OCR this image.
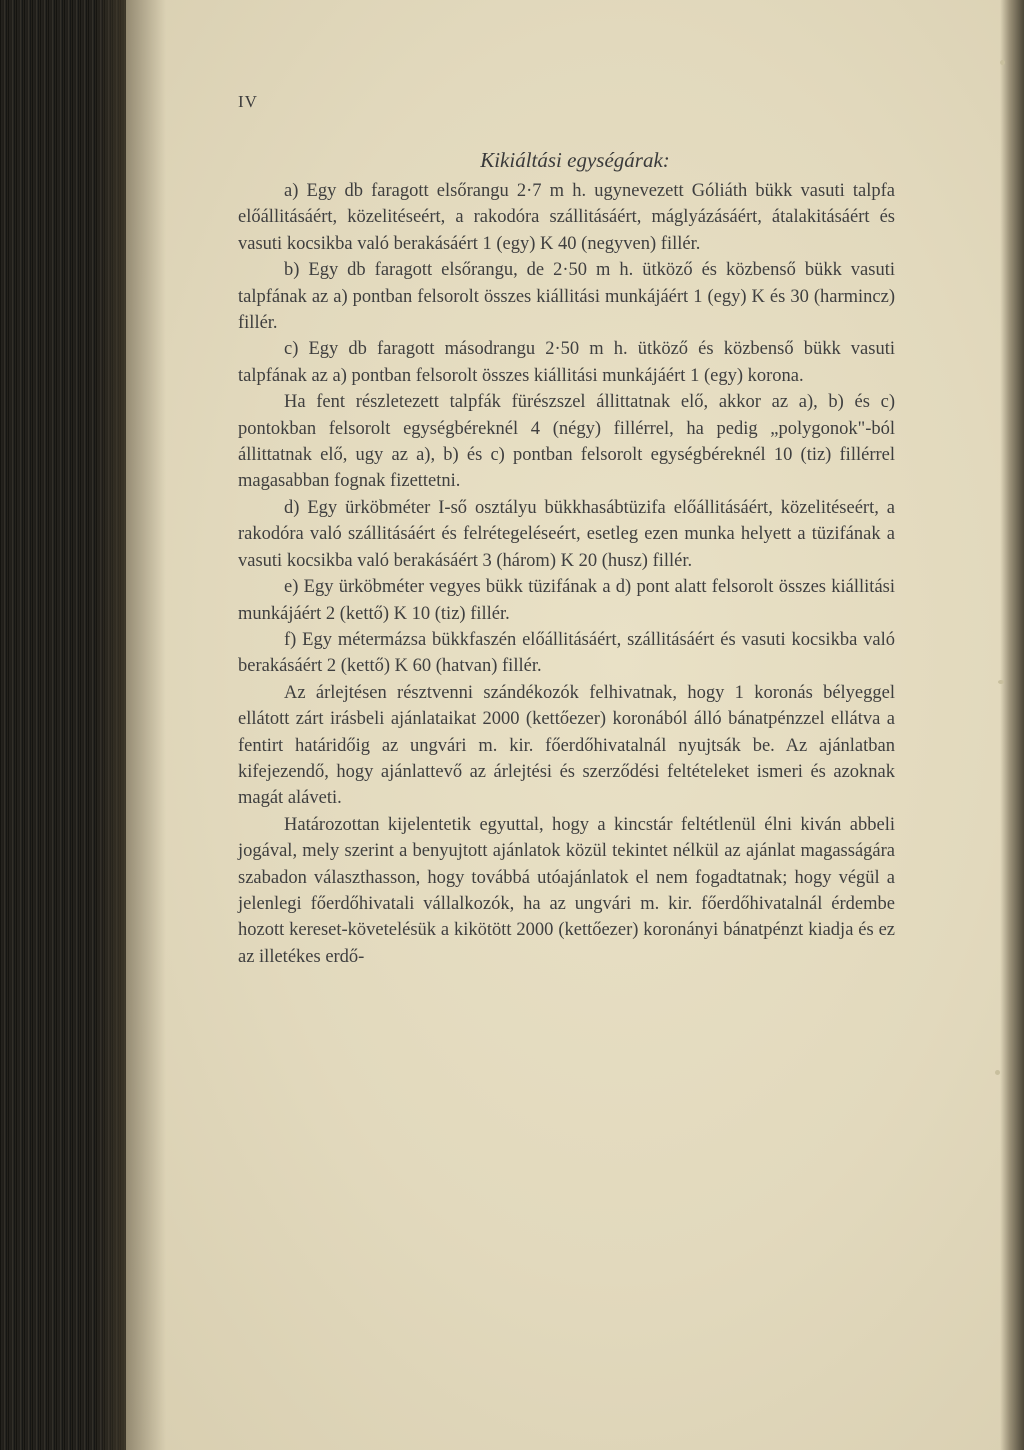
IV
Kikiáltási egységárak:

a) Egy db faragott elsőrangu 2·7 m h. ugynevezett Góliáth bükk vasuti talpfa előállitásáért, közelitéseért, a rakodóra szállitásáért, máglyázásáért, átalakitásáért és vasuti kocsikba való berakásáért 1 (egy) K 40 (negyven) fillér.

b) Egy db faragott elsőrangu, de 2·50 m h. ütköző és közbenső bükk vasuti talpfának az a) pontban felsorolt összes kiállitási munkájáért 1 (egy) K és 30 (harmincz) fillér.

c) Egy db faragott másodrangu 2·50 m h. ütköző és közbenső bükk vasuti talpfának az a) pontban felsorolt összes kiállitási munkájáért 1 (egy) korona.

Ha fent részletezett talpfák fürészszel állittatnak elő, akkor az a), b) és c) pontokban felsorolt egységbéreknél 4 (négy) fillérrel, ha pedig „polygonok"-ból állittatnak elő, ugy az a), b) és c) pontban felsorolt egységbéreknél 10 (tiz) fillérrel magasabban fognak fizettetni.

d) Egy ürköbméter I-ső osztályu bükkhasábtüzifa előállitásáért, közelitéseért, a rakodóra való szállitásáért és felrétegeléseért, esetleg ezen munka helyett a tüzifának a vasuti kocsikba való berakásáért 3 (három) K 20 (husz) fillér.

e) Egy ürköbméter vegyes bükk tüzifának a d) pont alatt felsorolt összes kiállitási munkájáért 2 (kettő) K 10 (tiz) fillér.

f) Egy métermázsa bükkfaszén előállitásáért, szállitásáért és vasuti kocsikba való berakásáért 2 (kettő) K 60 (hatvan) fillér.

Az árlejtésen résztvenni szándékozók felhivatnak, hogy 1 koronás bélyeggel ellátott zárt irásbeli ajánlataikat 2000 (kettőezer) koronából álló bánatpénzzel ellátva a fentirt határidőig az ungvári m. kir. főerdőhivatalnál nyujtsák be. Az ajánlatban kifejezendő, hogy ajánlattevő az árlejtési és szerződési feltételeket ismeri és azoknak magát aláveti.

Határozottan kijelentetik egyuttal, hogy a kincstár feltétlenül élni kiván abbeli jogával, mely szerint a benyujtott ajánlatok közül tekintet nélkül az ajánlat magasságára szabadon választhasson, hogy továbbá utóajánlatok el nem fogadtatnak; hogy végül a jelenlegi főerdőhivatali vállalkozók, ha az ungvári m. kir. főerdőhivatalnál érdembe hozott kereset-követelésük a kikötött 2000 (kettőezer) koronányi bánatpénzt kiadja és ez az illetékes erdő-
